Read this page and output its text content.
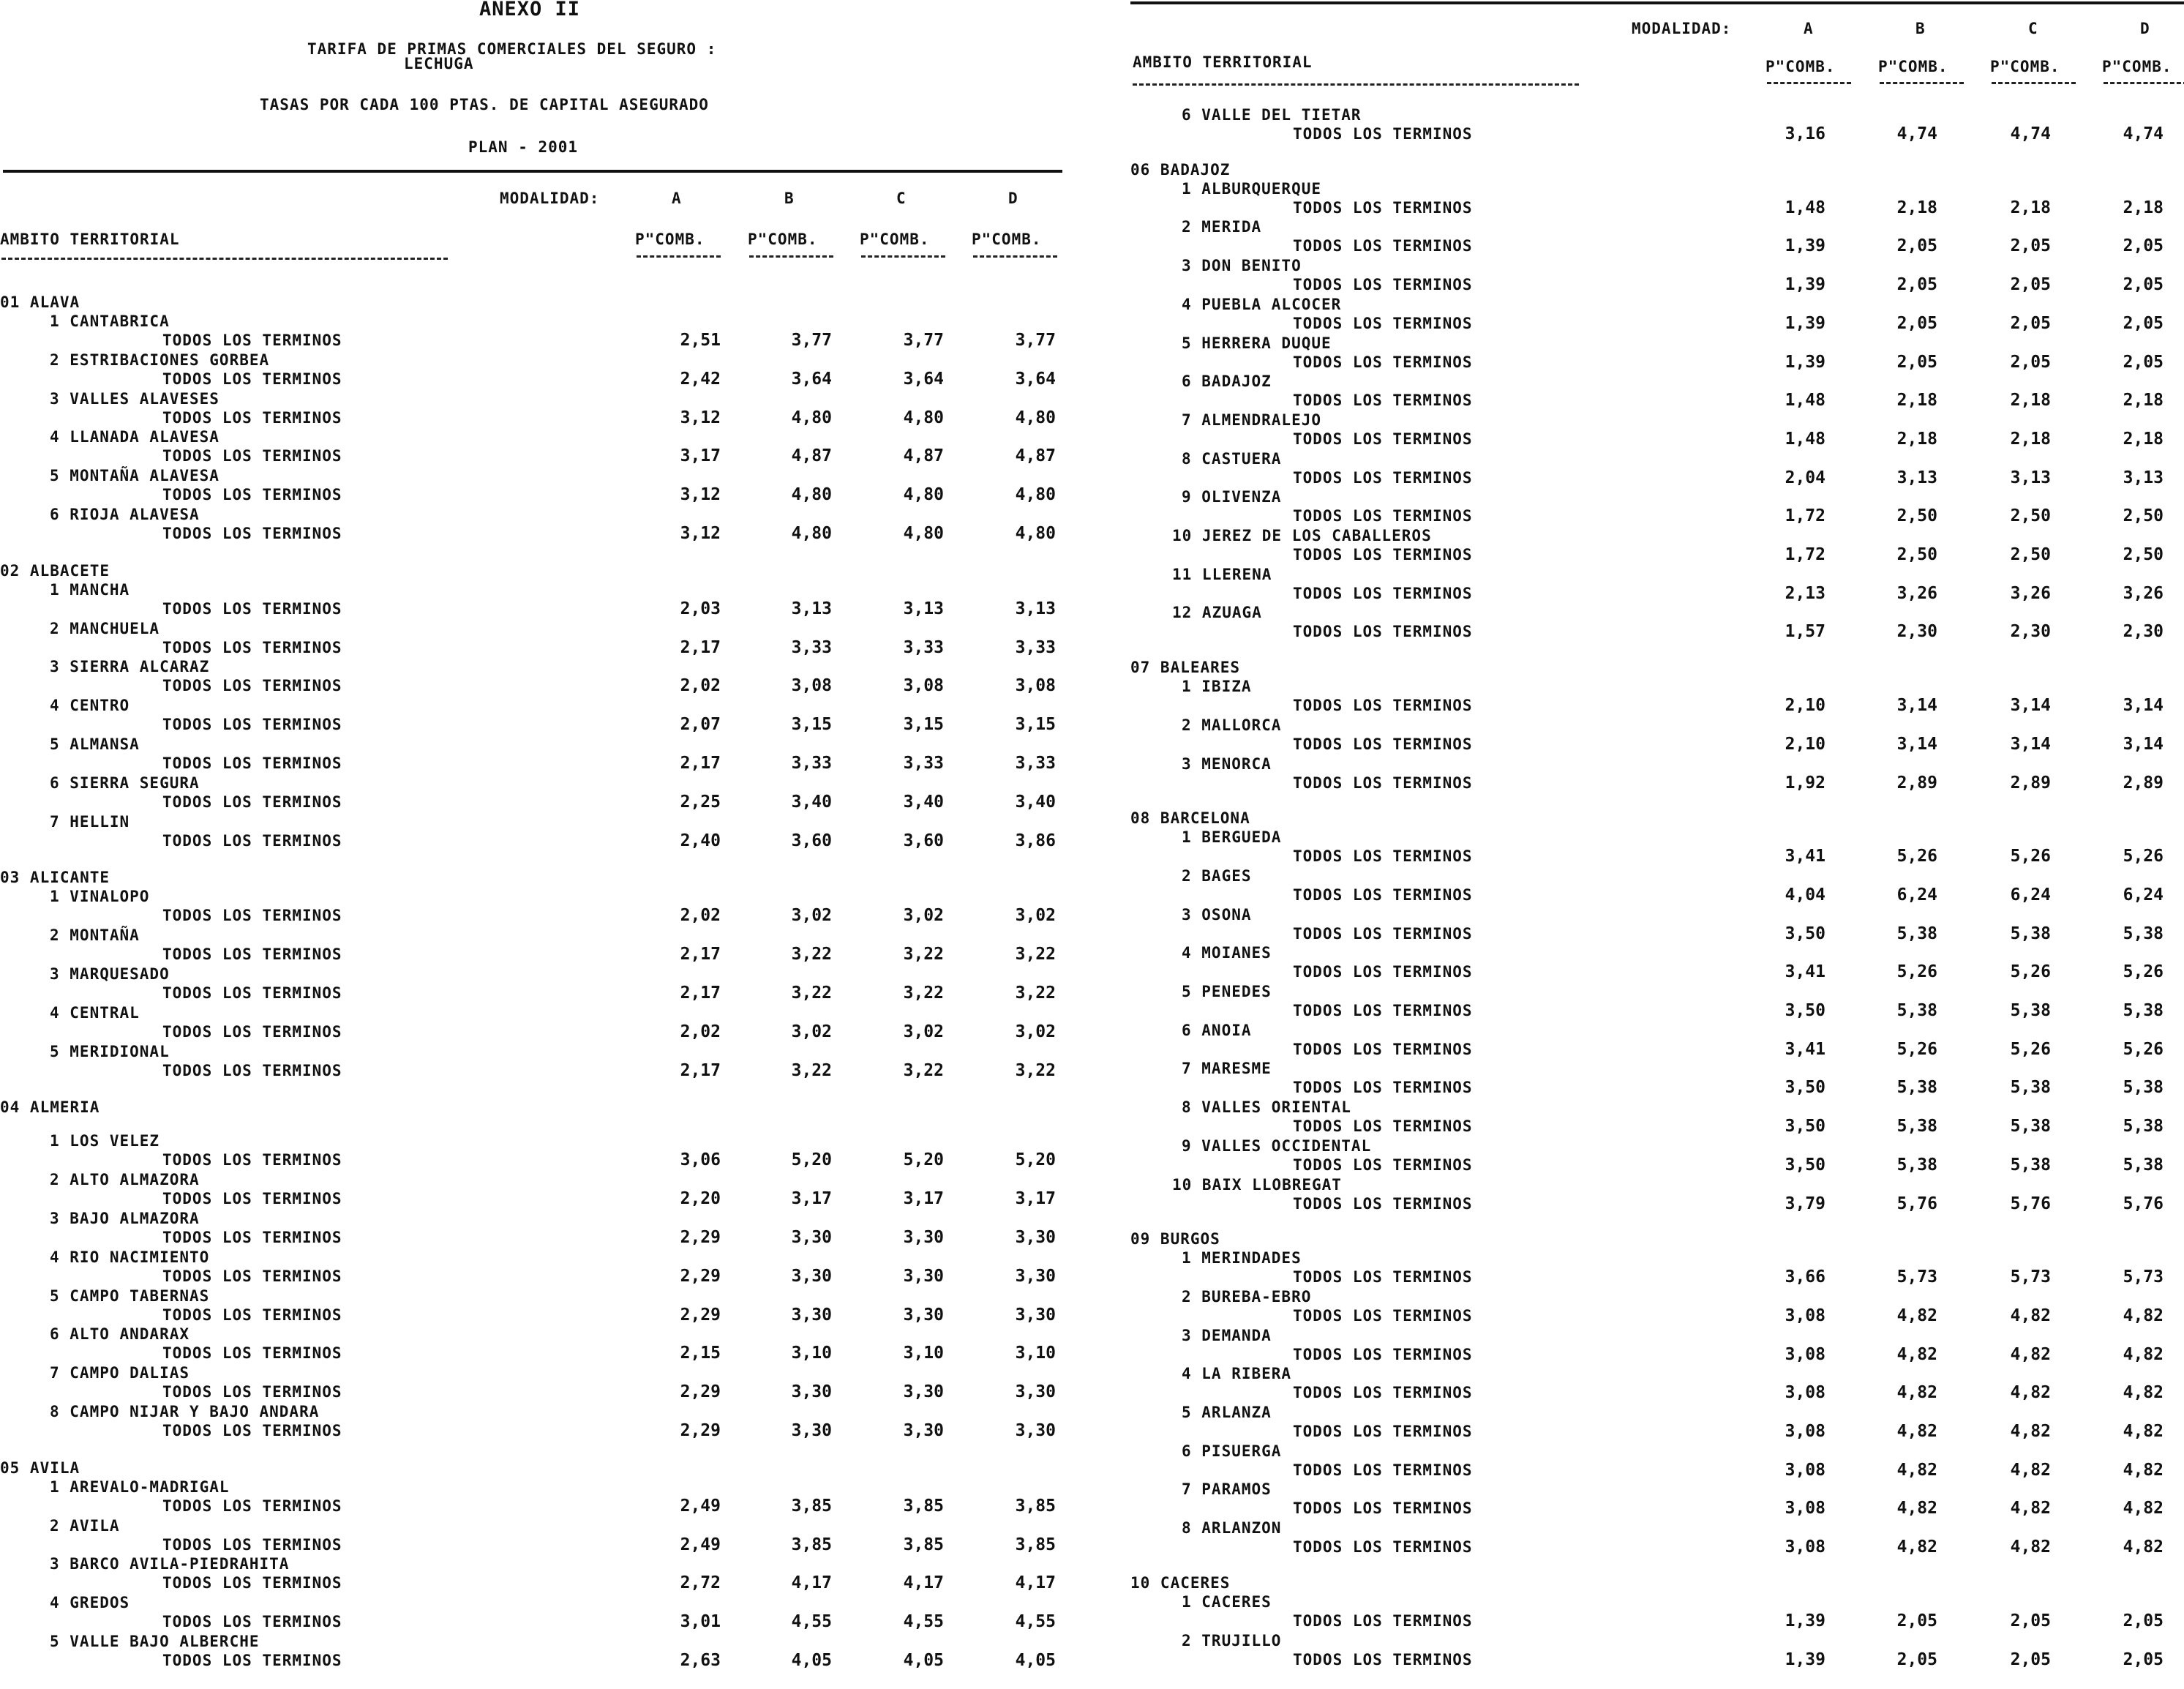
ANEXO II
TARIFA DE PRIMAS COMERCIALES DEL SEGURO :
LECHUGA
TASAS POR CADA 100 PTAS. DE CAPITAL ASEGURADO
PLAN - 2001
MODALIDAD:	A	B	C	D
AMBITO TERRITORIAL	P"COMB.	P"COMB.	P"COMB.	P"COMB.
MODALIDAD:	A	B	C	D
AMBITO TERRITORIAL	P"COMB.	P"COMB.	P"COMB.	P"COMB.
01 ALAVA
1 CANTABRICA
TODOS LOS TERMINOS	2,51	3,77	3,77	3,77
2 ESTRIBACIONES GORBEA
TODOS LOS TERMINOS	2,42	3,64	3,64	3,64
3 VALLES ALAVESES
TODOS LOS TERMINOS	3,12	4,80	4,80	4,80
4 LLANADA ALAVESA
TODOS LOS TERMINOS	3,17	4,87	4,87	4,87
5 MONTAÑA ALAVESA
TODOS LOS TERMINOS	3,12	4,80	4,80	4,80
6 RIOJA ALAVESA
TODOS LOS TERMINOS	3,12	4,80	4,80	4,80
02 ALBACETE
1 MANCHA
TODOS LOS TERMINOS	2,03	3,13	3,13	3,13
2 MANCHUELA
TODOS LOS TERMINOS	2,17	3,33	3,33	3,33
3 SIERRA ALCARAZ
TODOS LOS TERMINOS	2,02	3,08	3,08	3,08
4 CENTRO
TODOS LOS TERMINOS	2,07	3,15	3,15	3,15
5 ALMANSA
TODOS LOS TERMINOS	2,17	3,33	3,33	3,33
6 SIERRA SEGURA
TODOS LOS TERMINOS	2,25	3,40	3,40	3,40
7 HELLIN
TODOS LOS TERMINOS	2,40	3,60	3,60	3,86
03 ALICANTE
1 VINALOPO
TODOS LOS TERMINOS	2,02	3,02	3,02	3,02
2 MONTAÑA
TODOS LOS TERMINOS	2,17	3,22	3,22	3,22
3 MARQUESADO
TODOS LOS TERMINOS	2,17	3,22	3,22	3,22
4 CENTRAL
TODOS LOS TERMINOS	2,02	3,02	3,02	3,02
5 MERIDIONAL
TODOS LOS TERMINOS	2,17	3,22	3,22	3,22
04 ALMERIA
1 LOS VELEZ
TODOS LOS TERMINOS	3,06	5,20	5,20	5,20
2 ALTO ALMAZORA
TODOS LOS TERMINOS	2,20	3,17	3,17	3,17
3 BAJO ALMAZORA
TODOS LOS TERMINOS	2,29	3,30	3,30	3,30
4 RIO NACIMIENTO
TODOS LOS TERMINOS	2,29	3,30	3,30	3,30
5 CAMPO TABERNAS
TODOS LOS TERMINOS	2,29	3,30	3,30	3,30
6 ALTO ANDARAX
TODOS LOS TERMINOS	2,15	3,10	3,10	3,10
7 CAMPO DALIAS
TODOS LOS TERMINOS	2,29	3,30	3,30	3,30
8 CAMPO NIJAR Y BAJO ANDARA
TODOS LOS TERMINOS	2,29	3,30	3,30	3,30
05 AVILA
1 AREVALO-MADRIGAL
TODOS LOS TERMINOS	2,49	3,85	3,85	3,85
2 AVILA
TODOS LOS TERMINOS	2,49	3,85	3,85	3,85
3 BARCO AVILA-PIEDRAHITA
TODOS LOS TERMINOS	2,72	4,17	4,17	4,17
4 GREDOS
TODOS LOS TERMINOS	3,01	4,55	4,55	4,55
5 VALLE BAJO ALBERCHE
TODOS LOS TERMINOS	2,63	4,05	4,05	4,05
6 VALLE DEL TIETAR
TODOS LOS TERMINOS	3,16	4,74	4,74	4,74
06 BADAJOZ
1 ALBURQUERQUE
TODOS LOS TERMINOS	1,48	2,18	2,18	2,18
2 MERIDA
TODOS LOS TERMINOS	1,39	2,05	2,05	2,05
3 DON BENITO
TODOS LOS TERMINOS	1,39	2,05	2,05	2,05
4 PUEBLA ALCOCER
TODOS LOS TERMINOS	1,39	2,05	2,05	2,05
5 HERRERA DUQUE
TODOS LOS TERMINOS	1,39	2,05	2,05	2,05
6 BADAJOZ
TODOS LOS TERMINOS	1,48	2,18	2,18	2,18
7 ALMENDRALEJO
TODOS LOS TERMINOS	1,48	2,18	2,18	2,18
8 CASTUERA
TODOS LOS TERMINOS	2,04	3,13	3,13	3,13
9 OLIVENZA
TODOS LOS TERMINOS	1,72	2,50	2,50	2,50
10 JEREZ DE LOS CABALLEROS
TODOS LOS TERMINOS	1,72	2,50	2,50	2,50
11 LLERENA
TODOS LOS TERMINOS	2,13	3,26	3,26	3,26
12 AZUAGA
TODOS LOS TERMINOS	1,57	2,30	2,30	2,30
07 BALEARES
1 IBIZA
TODOS LOS TERMINOS	2,10	3,14	3,14	3,14
2 MALLORCA
TODOS LOS TERMINOS	2,10	3,14	3,14	3,14
3 MENORCA
TODOS LOS TERMINOS	1,92	2,89	2,89	2,89
08 BARCELONA
1 BERGUEDA
TODOS LOS TERMINOS	3,41	5,26	5,26	5,26
2 BAGES
TODOS LOS TERMINOS	4,04	6,24	6,24	6,24
3 OSONA
TODOS LOS TERMINOS	3,50	5,38	5,38	5,38
4 MOIANES
TODOS LOS TERMINOS	3,41	5,26	5,26	5,26
5 PENEDES
TODOS LOS TERMINOS	3,50	5,38	5,38	5,38
6 ANOIA
TODOS LOS TERMINOS	3,41	5,26	5,26	5,26
7 MARESME
TODOS LOS TERMINOS	3,50	5,38	5,38	5,38
8 VALLES ORIENTAL
TODOS LOS TERMINOS	3,50	5,38	5,38	5,38
9 VALLES OCCIDENTAL
TODOS LOS TERMINOS	3,50	5,38	5,38	5,38
10 BAIX LLOBREGAT
TODOS LOS TERMINOS	3,79	5,76	5,76	5,76
09 BURGOS
1 MERINDADES
TODOS LOS TERMINOS	3,66	5,73	5,73	5,73
2 BUREBA-EBRO
TODOS LOS TERMINOS	3,08	4,82	4,82	4,82
3 DEMANDA
TODOS LOS TERMINOS	3,08	4,82	4,82	4,82
4 LA RIBERA
TODOS LOS TERMINOS	3,08	4,82	4,82	4,82
5 ARLANZA
TODOS LOS TERMINOS	3,08	4,82	4,82	4,82
6 PISUERGA
TODOS LOS TERMINOS	3,08	4,82	4,82	4,82
7 PARAMOS
TODOS LOS TERMINOS	3,08	4,82	4,82	4,82
8 ARLANZON
TODOS LOS TERMINOS	3,08	4,82	4,82	4,82
10 CACERES
1 CACERES
TODOS LOS TERMINOS	1,39	2,05	2,05	2,05
2 TRUJILLO
TODOS LOS TERMINOS	1,39	2,05	2,05	2,05
